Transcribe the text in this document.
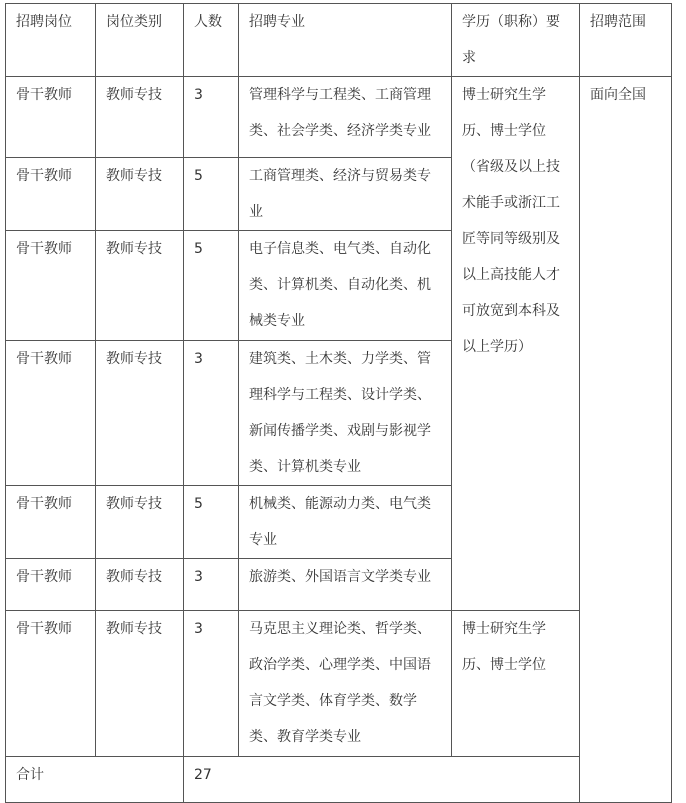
招聘岗位	岗位类别	人数	招聘专业	学历（职称）要求	招聘范围
骨干教师	教师专技	3	管理科学与工程类、工商管理类、社会学类、经济学类专业	博士研究生学历、博士学位（省级及以上技术能手或浙江工匠等同等级别及以上高技能人才可放宽到本科及以上学历）	面向全国
骨干教师	教师专技	5	工商管理类、经济与贸易类专业		
骨干教师	教师专技	5	电子信息类、电气类、自动化类、计算机类、自动化类、机械类专业		
骨干教师	教师专技	3	建筑类、土木类、力学类、管理科学与工程类、设计学类、新闻传播学类、戏剧与影视学类、计算机类专业		
骨干教师	教师专技	5	机械类、能源动力类、电气类专业		
骨干教师	教师专技	3	旅游类、外国语言文学类专业		
骨干教师	教师专技	3	马克思主义理论类、哲学类、政治学类、心理学类、中国语言文学类、体育学类、数学类、教育学类专业	博士研究生学历、博士学位	
合计		27			
